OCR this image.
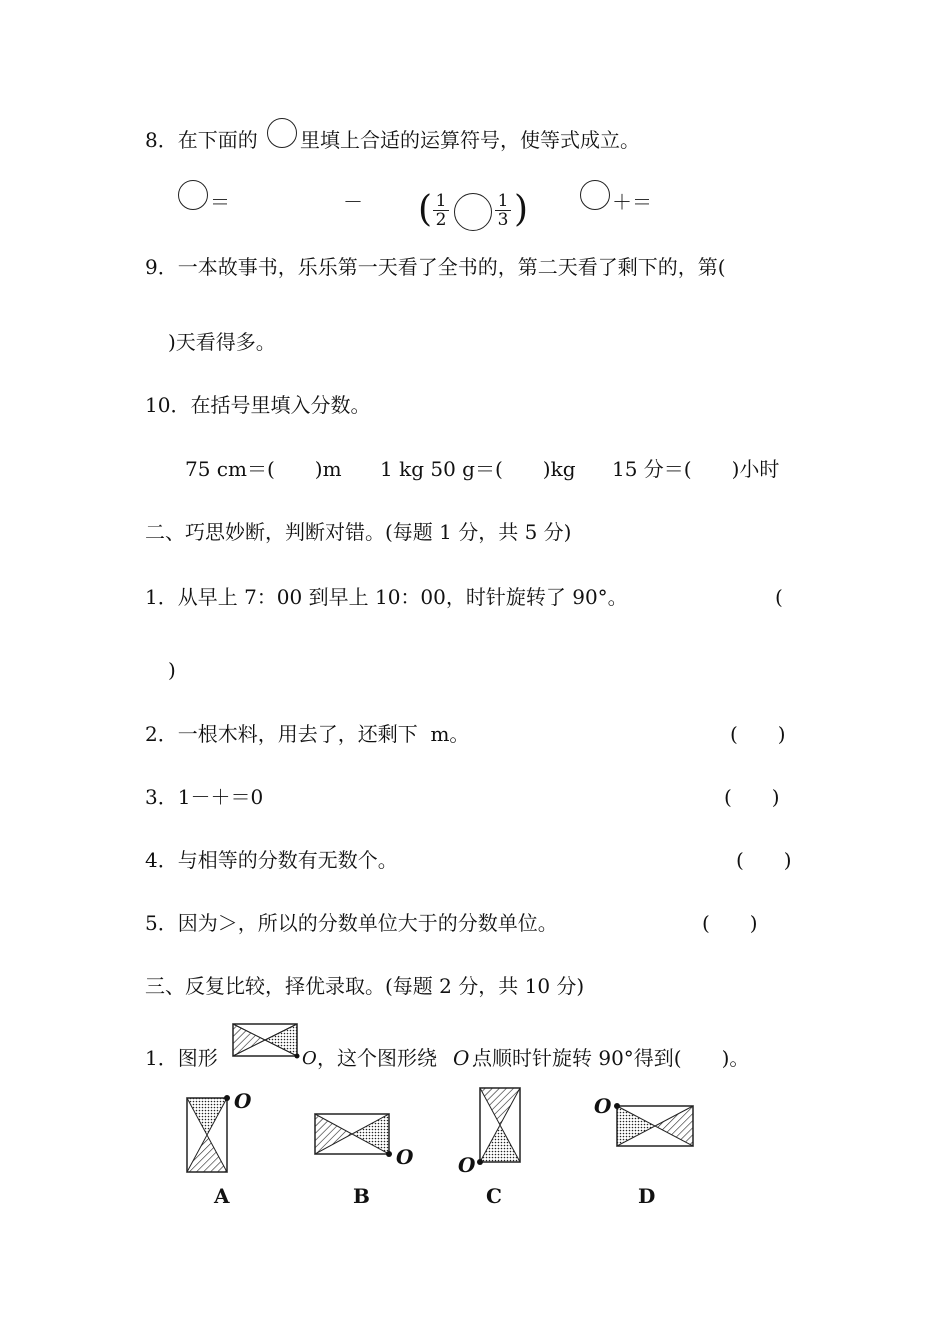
8．在下面的 里填上合适的运算符号，使等式成立。
＝	－ ( $\frac{1}{2}$	$\frac{1}{3}$ )	＋＝
9．一本故事书，乐乐第一天看了全书的，第二天看了剩下的，第(
)天看得多。
10．在括号里填入分数。
75 cm＝(　　)m 1 kg 50 g＝(　　)kg 15 分＝(　　)小时
二、巧思妙断，判断对错。(每题 1 分，共 5 分)
1．从早上 7：00 到早上 10：00，时针旋转了 90°。	(
)
2．一根木料，用去了，还剩下  m。	(　　)
3．1－＋＝0	(　　)
4．与相等的分数有无数个。	(　　)
5．因为＞，所以的分数单位大于的分数单位。	(　　)
三、反复比较，择优录取。(每题 2 分，共 10 分)
1．图形	O ，这个图形绕 O 点顺时针旋转 90°得到(　　)。
O
A
O
B
O
C
O
D
